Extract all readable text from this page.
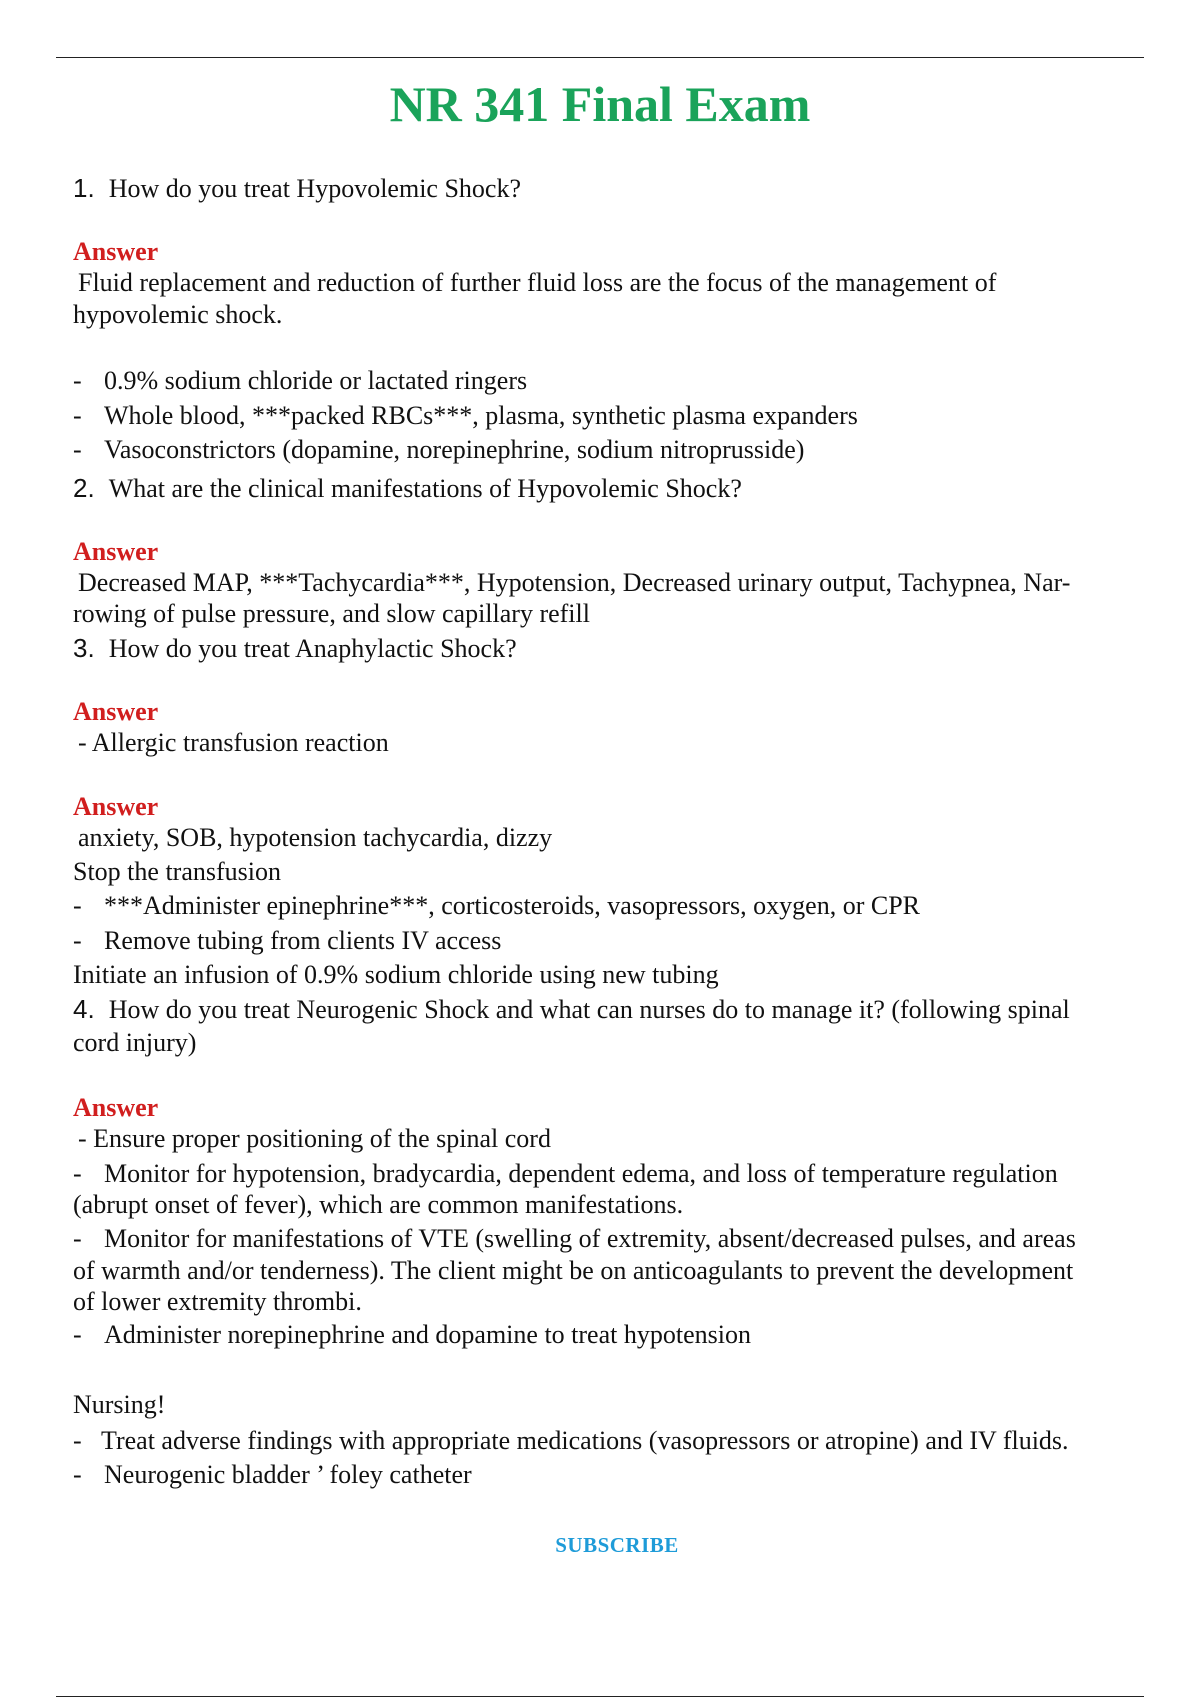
NR 341 Final Exam
1. How do you treat Hypovolemic Shock?
Answer
Fluid replacement and reduction of further fluid loss are the focus of the management of
hypovolemic shock.
- 0.9% sodium chloride or lactated ringers
- Whole blood, ***packed RBCs***, plasma, synthetic plasma expanders
- Vasoconstrictors (dopamine, norepinephrine, sodium nitroprusside)
2. What are the clinical manifestations of Hypovolemic Shock?
Answer
Decreased MAP, ***Tachycardia***, Hypotension, Decreased urinary output, Tachypnea, Nar-
rowing of pulse pressure, and slow capillary refill
3. How do you treat Anaphylactic Shock?
Answer
- Allergic transfusion reaction
Answer
anxiety, SOB, hypotension tachycardia, dizzy
Stop the transfusion
- ***Administer epinephrine***, corticosteroids, vasopressors, oxygen, or CPR
- Remove tubing from clients IV access
Initiate an infusion of 0.9% sodium chloride using new tubing
4. How do you treat Neurogenic Shock and what can nurses do to manage it? (following spinal
cord injury)
Answer
- Ensure proper positioning of the spinal cord
- Monitor for hypotension, bradycardia, dependent edema, and loss of temperature regulation
(abrupt onset of fever), which are common manifestations.
- Monitor for manifestations of VTE (swelling of extremity, absent/decreased pulses, and areas
of warmth and/or tenderness). The client might be on anticoagulants to prevent the development
of lower extremity thrombi.
- Administer norepinephrine and dopamine to treat hypotension
Nursing!
- Treat adverse findings with appropriate medications (vasopressors or atropine) and IV fluids.
- Neurogenic bladder ’ foley catheter
SUBSCRIBE
